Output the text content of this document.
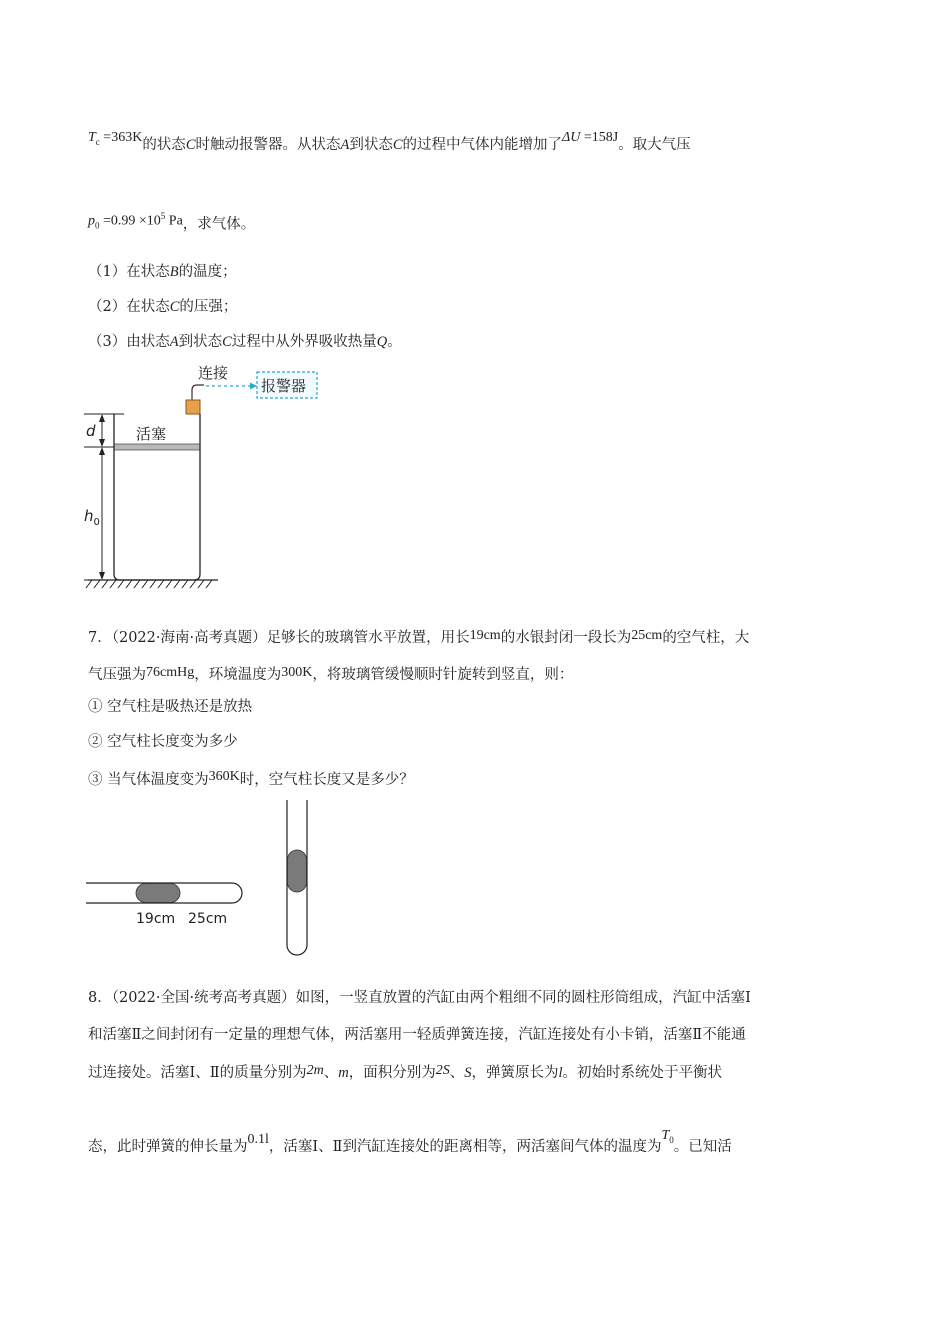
$T_c =363K$的状态C时触动报警器。从状态A到状态C的过程中气体内能增加了ΔU =158J。取大气压
$p_0 =0.99 \times 10^5$ Pa，求气体。
（1）在状态B的温度；
（2）在状态C的压强；
（3）由状态A到状态C过程中从外界吸收热量Q。
连接
报警器
活塞
d
$h_0$
7．（2022·海南·高考真题）足够长的玻璃管水平放置，用长19cm的水银封闭一段长为25cm的空气柱，大
气压强为76cmHg，环境温度为300K，将玻璃管缓慢顺时针旋转到竖直，则：
① 空气柱是吸热还是放热
② 空气柱长度变为多少
③ 当气体温度变为360K时，空气柱长度又是多少？
19cm 25cm
8．（2022·全国·统考高考真题）如图，一竖直放置的汽缸由两个粗细不同的圆柱形筒组成，汽缸中活塞Ⅰ
和活塞Ⅱ之间封闭有一定量的理想气体，两活塞用一轻质弹簧连接，汽缸连接处有小卡销，活塞Ⅱ不能通
过连接处。活塞Ⅰ、Ⅱ的质量分别为2m、m，面积分别为2S、S，弹簧原长为l。初始时系统处于平衡状
态，此时弹簧的伸长量为0.1l，活塞Ⅰ、Ⅱ到汽缸连接处的距离相等，两活塞间气体的温度为$T_0$。已知活
